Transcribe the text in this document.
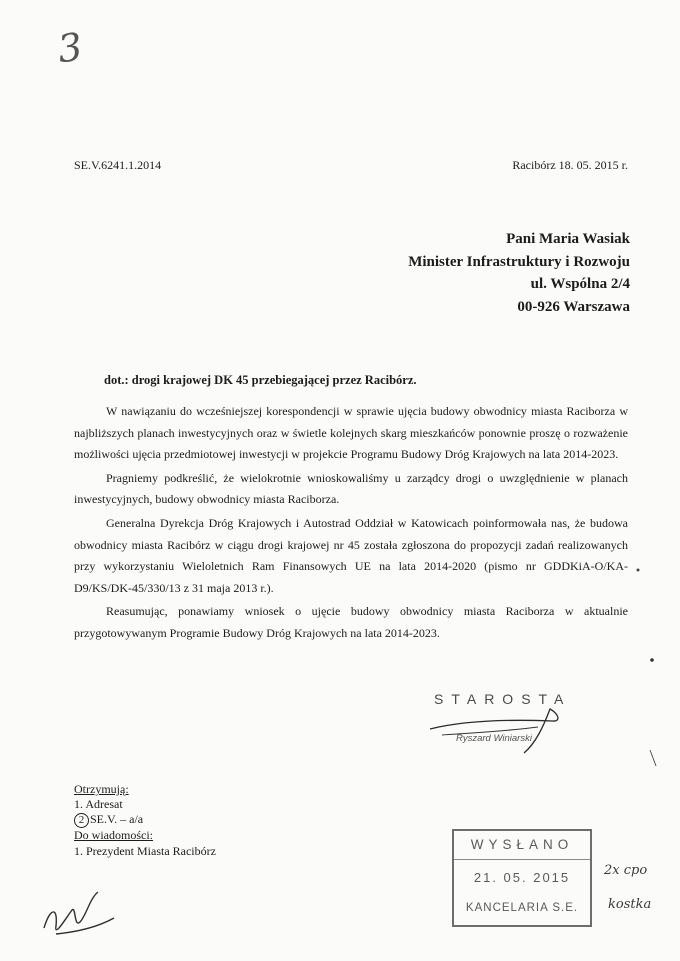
3
SE.V.6241.1.2014	Racibórz 18. 05. 2015 r.
Pani Maria Wasiak
Minister Infrastruktury i Rozwoju
ul. Wspólna 2/4
00-926 Warszawa
dot.: drogi krajowej DK 45 przebiegającej przez Racibórz.

W nawiązaniu do wcześniejszej korespondencji w sprawie ujęcia budowy obwodnicy miasta Raciborza w najbliższych planach inwestycyjnych oraz w świetle kolejnych skarg mieszkańców ponownie proszę o rozważenie możliwości ujęcia przedmiotowej inwestycji w projekcie Programu Budowy Dróg Krajowych na lata 2014-2023.

Pragniemy podkreślić, że wielokrotnie wnioskowaliśmy u zarządcy drogi o uwzględnienie w planach inwestycyjnych, budowy obwodnicy miasta Raciborza.

Generalna Dyrekcja Dróg Krajowych i Autostrad Oddział w Katowicach poinformowała nas, że budowa obwodnicy miasta Racibórz w ciągu drogi krajowej nr 45 została zgłoszona do propozycji zadań realizowanych przy wykorzystaniu Wieloletnich Ram Finansowych UE na lata 2014-2020 (pismo nr GDDKiA-O/KA-D9/KS/DK-45/330/13 z 31 maja 2013 r.).

Reasumując, ponawiamy wniosek o ujęcie budowy obwodnicy miasta Raciborza w aktualnie przygotowywanym Programie Budowy Dróg Krajowych na lata 2014-2023.

STAROSTA
Ryszard Winiarski
Otrzymują:
1. Adresat
2 SE.V. – a/a
Do wiadomości:
1. Prezydent Miasta Racibórz	WYSŁANO
21. 05. 2015
KANCELARIA S.E.
2x cpo
kostka
